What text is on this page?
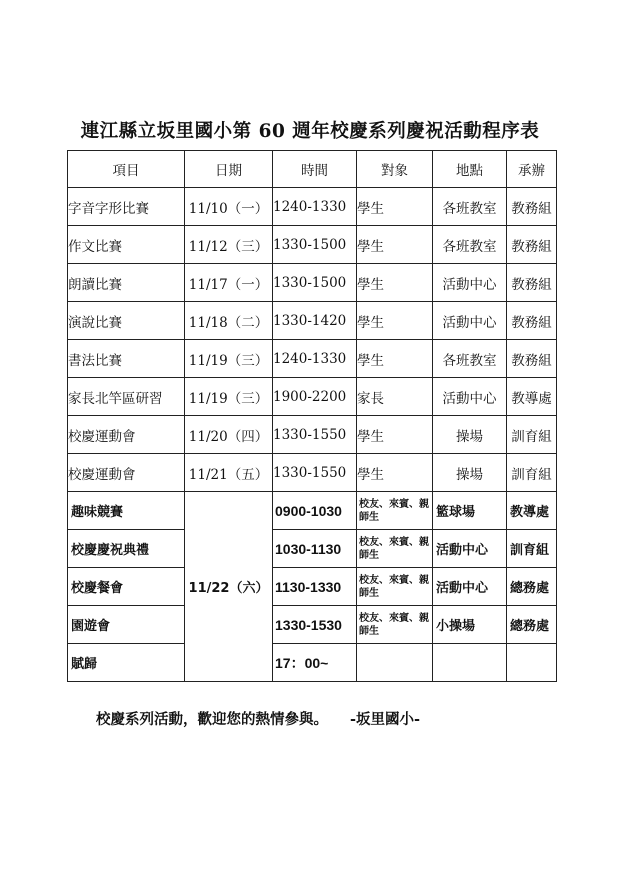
連江縣立坂里國小第 60 週年校慶系列慶祝活動程序表
項目	日期	時間	對象	地點	承辦
字音字形比賽	11/10（一）	1240-1330	學生	各班教室	教務組
作文比賽	11/12（三）	1330-1500	學生	各班教室	教務組
朗讀比賽	11/17（一）	1330-1500	學生	活動中心	教務組
演說比賽	11/18（二）	1330-1420	學生	活動中心	教務組
書法比賽	11/19（三）	1240-1330	學生	各班教室	教務組
家長北竿區研習	11/19（三）	1900-2200	家長	活動中心	教導處
校慶運動會	11/20（四）	1330-1550	學生	操場	訓育組
校慶運動會	11/21（五）	1330-1550	學生	操場	訓育組
趣味競賽	11/22（六）	0900-1030	校友、來賓、親師生	籃球場	教導處
校慶慶祝典禮		1030-1130	校友、來賓、親師生	活動中心	訓育組
校慶餐會		1130-1330	校友、來賓、親師生	活動中心	總務處
園遊會		1330-1530	校友、來賓、親師生	小操場	總務處
賦歸		17：00~			
校慶系列活動，歡迎您的熱情參與。 -坂里國小-
